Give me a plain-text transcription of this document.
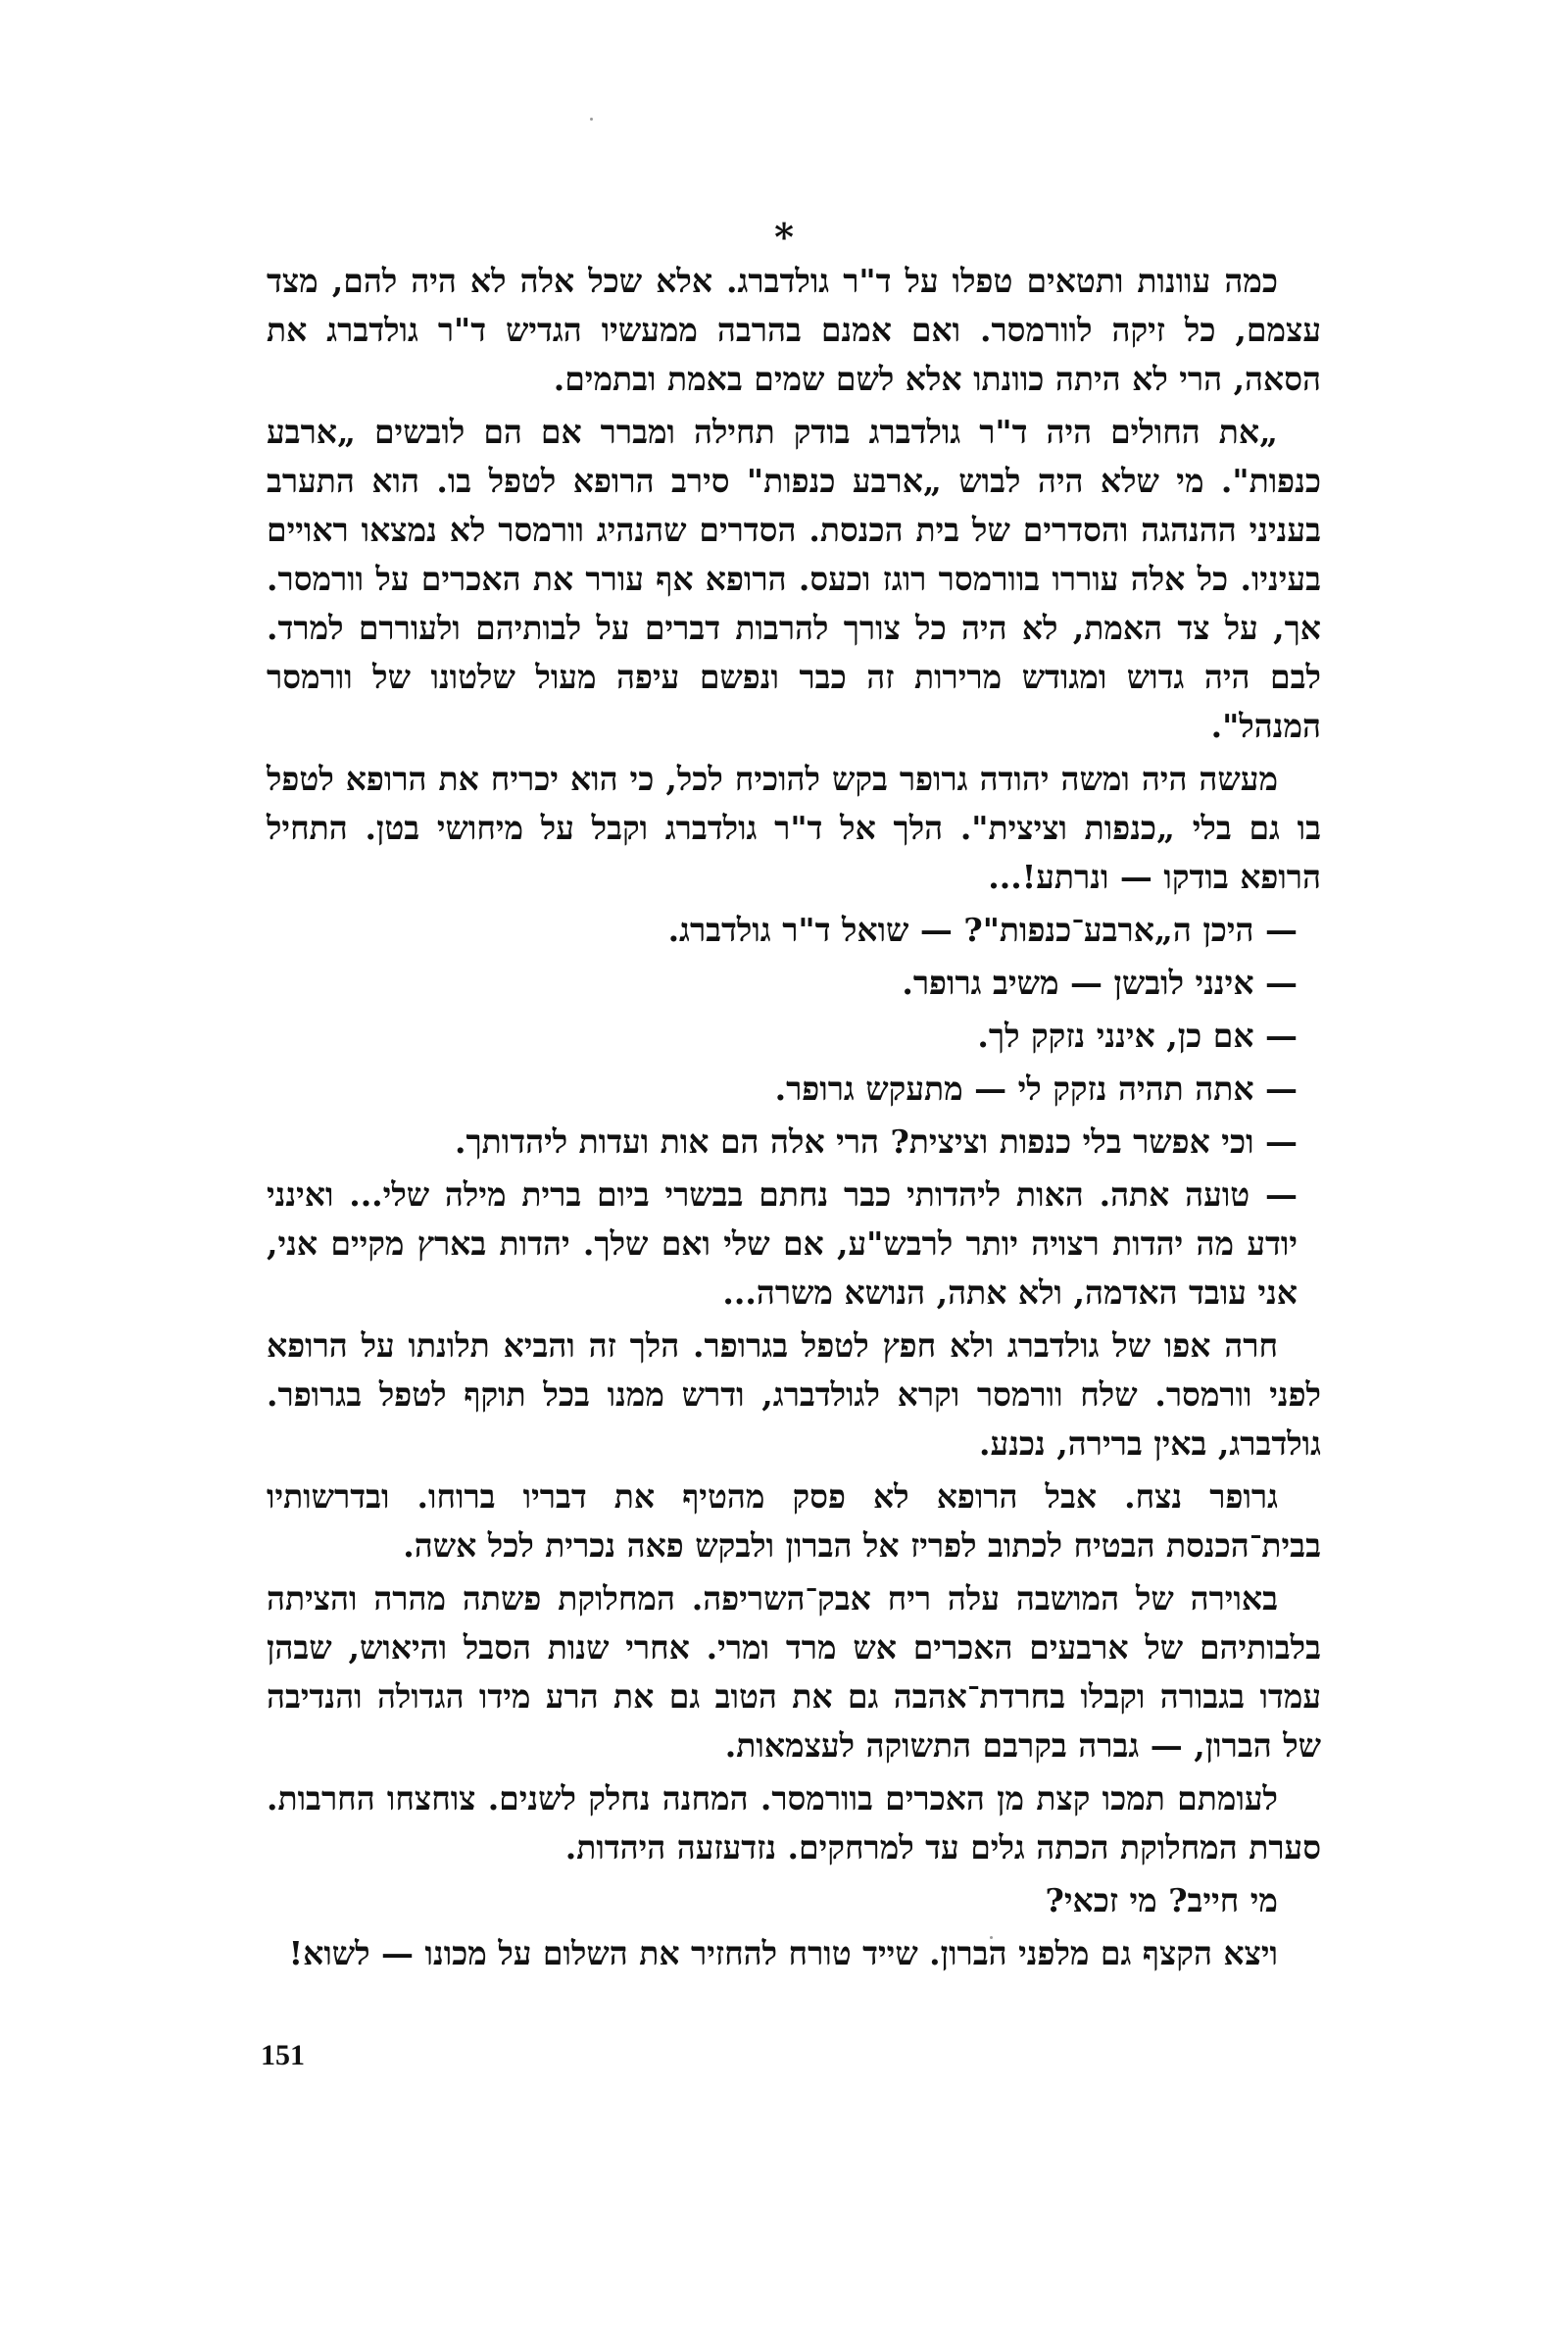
*

כמה עוונות ותטאים טפלו על ד"ר גולדברג. אלא שכל אלה לא היה להם, מצד עצמם, כל זיקה לוורמסר. ואם אמנם בהרבה ממעשיו הגדיש ד"ר גולדברג את הסאה, הרי לא היתה כוונתו אלא לשם שמים באמת ובתמים.

„את החולים היה ד"ר גולדברג בודק תחילה ומברר אם הם לובשים „ארבע כנפות". מי שלא היה לבוש „ארבע כנפות" סירב הרופא לטפל בו. הוא התערב בעניני ההנהגה והסדרים של בית הכנסת. הסדרים שהנהיג וורמסר לא נמצאו ראויים בעיניו. כל אלה עוררו בוורמסר רוגז וכעס. הרופא אף עורר את האכרים על וורמסר. אך, על צד האמת, לא היה כל צורך להרבות דברים על לבותיהם ולעוררם למרד. לבם היה גדוש ומגודש מרירות זה כבר ונפשם עיפה מעול שלטונו של וורמסר המנהל".

מעשה היה ומשה יהודה גרופר בקש להוכיח לכל, כי הוא יכריח את הרופא לטפל בו גם בלי „כנפות וציצית". הלך אל ד"ר גולדברג וקבל על מיחושי בטן. התחיל הרופא בודקו — ונרתע!...

— היכן ה„ארבע־כנפות"? — שואל ד"ר גולדברג.

— אינני לובשן — משיב גרופר.

— אם כן, אינני נזקק לך.

— אתה תהיה נזקק לי — מתעקש גרופר.

— וכי אפשר בלי כנפות וציצית? הרי אלה הם אות ועדות ליהדותך.

— טועה אתה. האות ליהדותי כבר נחתם בבשרי ביום ברית מילה שלי... ואינני יודע מה יהדות רצויה יותר לרבש"ע, אם שלי ואם שלך. יהדות בארץ מקיים אני, אני עובד האדמה, ולא אתה, הנושא משרה...

חרה אפו של גולדברג ולא חפץ לטפל בגרופר. הלך זה והביא תלונתו על הרופא לפני וורמסר. שלח וורמסר וקרא לגולדברג, ודרש ממנו בכל תוקף לטפל בגרופר. גולדברג, באין ברירה, נכנע.

גרופר נצח. אבל הרופא לא פסק מהטיף את דבריו ברוחו. ובדרשותיו בבית־הכנסת הבטיח לכתוב לפריז אל הברון ולבקש פאה נכרית לכל אשה.

באוירה של המושבה עלה ריח אבק־השריפה. המחלוקת פשתה מהרה והציתה בלבותיהם של ארבעים האכרים אש מרד ומרי. אחרי שנות הסבל והיאוש, שבהן עמדו בגבורה וקבלו בחרדת־אהבה גם את הטוב גם את הרע מידו הגדולה והנדיבה של הברון, — גברה בקרבם התשוקה לעצמאות.

לעומתם תמכו קצת מן האכרים בוורמסר. המחנה נחלק לשנים. צוחצחו החרבות. סערת המחלוקת הכתה גלים עד למרחקים. נזדעזעה היהדות.

מי חייב? מי זכאי?

ויצא הקצף גם מלפני הברון. שייד טורח להחזיר את השלום על מכונו — לשוא!

151
